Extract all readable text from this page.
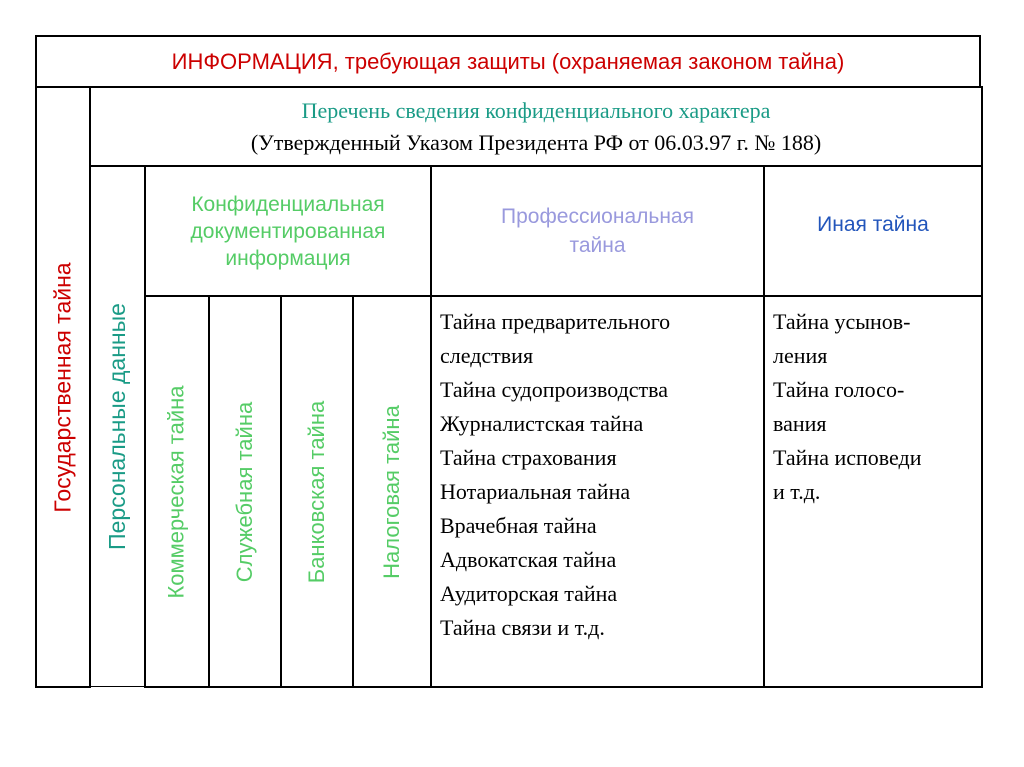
ИНФОРМАЦИЯ, требующая защиты (охраняемая законом тайна)
Государственная тайна Персональные данные
Перечень сведения конфиденциального характера
(Утвержденный Указом Президента РФ от 06.03.97 г. № 188)
Конфиденциальная
документированная
информация
Профессиональная
тайна
Иная тайна
Коммерческая тайна Служебная тайна Банковская тайна Налоговая тайна
Тайна предварительного
следствия
Тайна судопроизводства
Журналистская тайна
Тайна страхования
Нотариальная тайна
Врачебная тайна
Адвокатская тайна
Аудиторская тайна
Тайна связи и т.д.
Тайна усынов-
ления
Тайна голосо-
вания
Тайна исповеди
и т.д.
